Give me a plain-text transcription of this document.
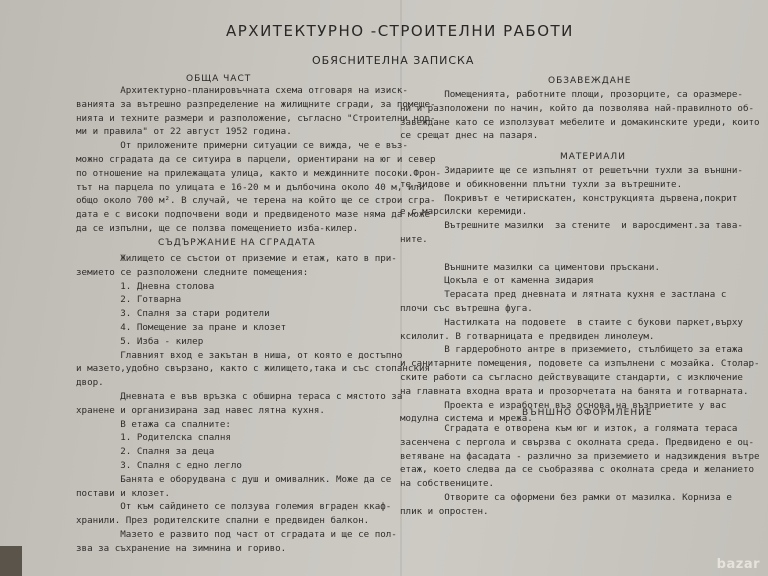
АРХИТЕКТУРНО -СТРОИТЕЛНИ РАБОТИ
ОБЯСНИТЕЛНА ЗАПИСКА
ОБЩА ЧАСТ

Архитектурно-планировъчната схема отговаря на изиск-

ванията за вътрешно разпределение на жилищните сгради, за помеще-

нията и техните размери и разположение, съгласно "Строителни нор-

ми и правила" от 22 август 1952 година.

От приложените примерни ситуации се вижда, че е въз-

можно сградата да се ситуира в парцели, ориентирани на юг и север

по отношение на прилежащата улица, както и междинните посоки.Фрон-

тът на парцела по улицата е 16-20 м и дълбочина около 40 м, или

общо около 700 м². В случай, че терена на който ще се строи сгра-

дата е с високи подпочвени води и предвиденото мазе няма да може

да се изпълни, ще се ползва помещението изба-килер.

СЪДЪРЖАНИЕ НА СГРАДАТА

Жилището се състои от приземие и етаж, като в при-

земието се разположени следните помещения:

1. Дневна столова

2. Готварна

3. Спалня за стари родители

4. Помещение за пране и клозет

5. Изба - килер

Главният вход е закътан в ниша, от която е достъпно

и мазето,удобно свързано, както с жилището,така и със стопанския

двор.

Дневната е във връзка с обширна тераса с мястото за

хранене и организирана зад навес лятна кухня.

В етажа са спалните:

1. Родителска спалня

2. Спалня за деца

3. Спалня с едно легло

Банята е оборудвана с душ и омивалник. Може да се

постави и клозет.

От към сайдинето се ползува големия вграден ккаф-

хранили. През родителските спални е предвиден балкон.

Мазето е развито под част от сградата и ще се пол-

зва за съхранение на зимнина и гориво.

ОБЗАВЕЖДАНЕ

Помещенията, работните площи, прозорците, са оразмере-

ни и разположени по начин, който да позволява най-правилното об-

завеждане като се използуват мебелите и домакинските уреди, които

се срещат днес на пазаря.

МАТЕРИАЛИ

Зидариите ще се изпълнят от решетъчни тухли за външни-

те зидове и обикновенни плътни тухли за вътрешните.

Покривът е четирискатен, конструкцията дървена,покрит

е с марсилски керемиди.

Вътрешните мазилки  за стените  и варосдимент.за тава-

ните.

Външните мазилки са циментови пръскани.

Цокъла е от каменна зидария

Терасата пред дневната и лятната кухня е застлана с

плочи със вътрешна фуга.

Настилката на подовете  в стаите с букови паркет,върху

ксилолит. В готварницата е предвиден линолеум.

В гардеробното антре в приземието, стълбището за етажа

и санитарните помещения, подовете са изпълнени с мозайка. Столар-

ските работи са съгласно действуващите стандарти, с изключение

на главната входна врата и прозорчетата на банята и готварната.

Проекта е изработен въз основа на възприетите у вас

модулна система и мрежа.

ВЪНШНО ОФОРМЛЕНИЕ

Сградата е отворена към юг и изток, а голямата тераса

засенчена с пергола и свързва с околната среда. Предвидено е оц-

ветяване на фасадата - различно за приземието и надзиждения вътре

етаж, което следва да се съобразява с околната среда и желанието

на собствениците.

Отворите са оформени без рамки от мазилка. Корниза е

плик и опростен.

bazar
